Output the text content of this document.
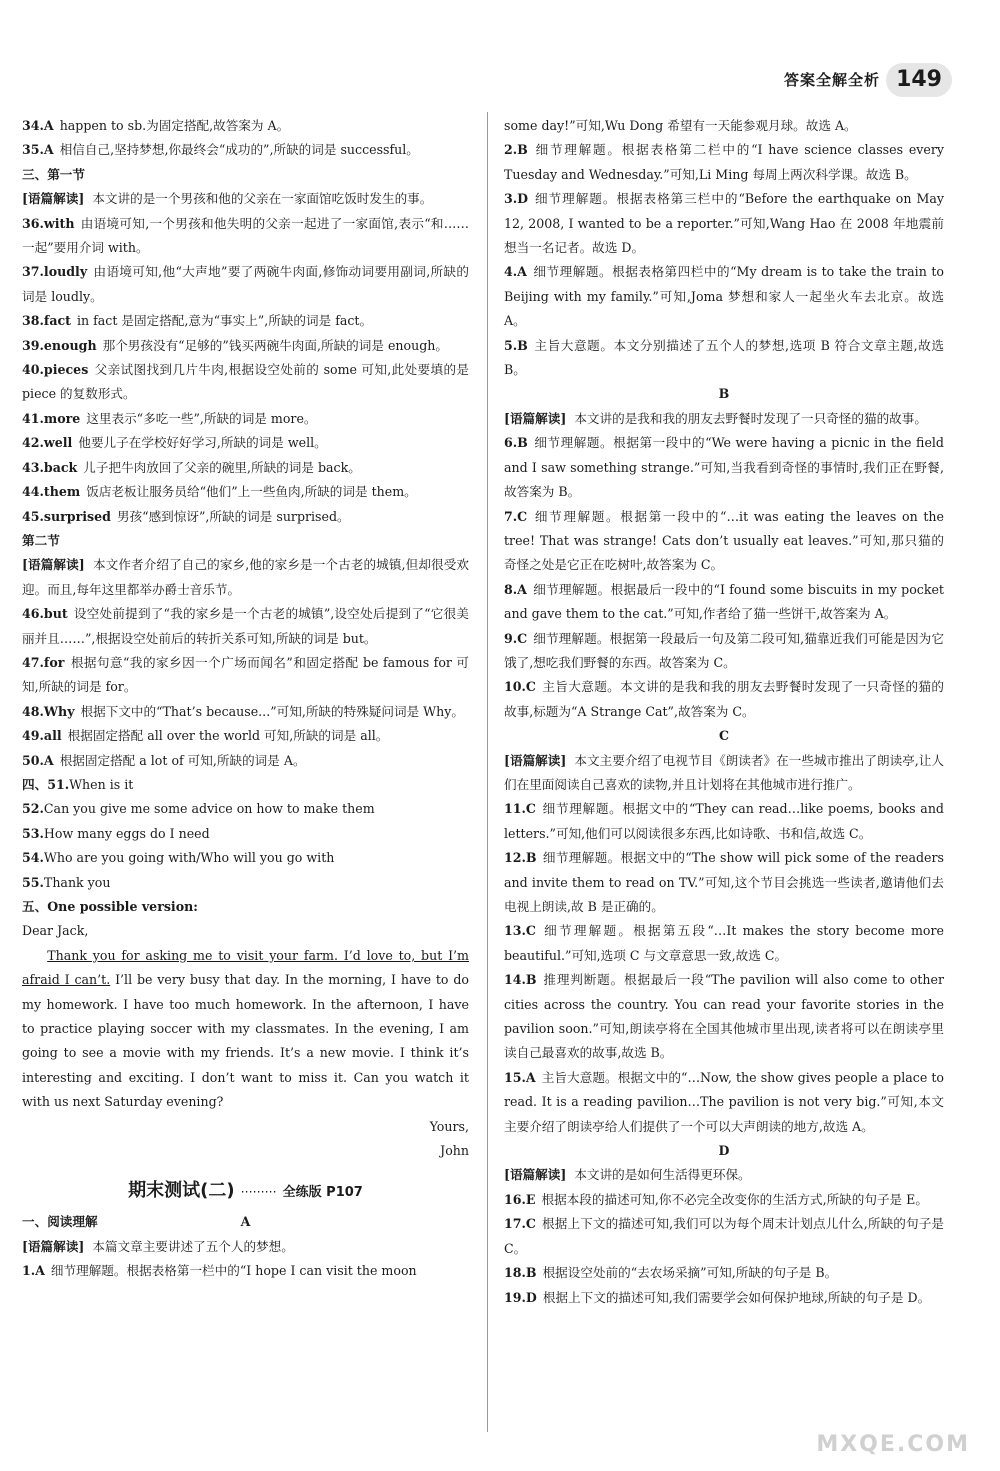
答案全解全析 149
34.A happen to sb.为固定搭配,故答案为 A。
35.A 相信自己,坚持梦想,你最终会“成功的”,所缺的词是 successful。
三、第一节
[语篇解读] 本文讲的是一个男孩和他的父亲在一家面馆吃饭时发生的事。
36.with 由语境可知,一个男孩和他失明的父亲一起进了一家面馆,表示“和……一起”要用介词 with。
37.loudly 由语境可知,他“大声地”要了两碗牛肉面,修饰动词要用副词,所缺的词是 loudly。
38.fact in fact 是固定搭配,意为“事实上”,所缺的词是 fact。
39.enough 那个男孩没有“足够的”钱买两碗牛肉面,所缺的词是 enough。
40.pieces 父亲试图找到几片牛肉,根据设空处前的 some 可知,此处要填的是 piece 的复数形式。
41.more 这里表示“多吃一些”,所缺的词是 more。
42.well 他要儿子在学校好好学习,所缺的词是 well。
43.back 儿子把牛肉放回了父亲的碗里,所缺的词是 back。
44.them 饭店老板让服务员给“他们”上一些鱼肉,所缺的词是 them。
45.surprised 男孩“感到惊讶”,所缺的词是 surprised。
第二节
[语篇解读] 本文作者介绍了自己的家乡,他的家乡是一个古老的城镇,但却很受欢迎。而且,每年这里都举办爵士音乐节。
46.but 设空处前提到了“我的家乡是一个古老的城镇”,设空处后提到了“它很美丽并且……”,根据设空处前后的转折关系可知,所缺的词是 but。
47.for 根据句意“我的家乡因一个广场而闻名”和固定搭配 be famous for 可知,所缺的词是 for。
48.Why 根据下文中的“That’s because...”可知,所缺的特殊疑问词是 Why。
49.all 根据固定搭配 all over the world 可知,所缺的词是 all。
50.A 根据固定搭配 a lot of 可知,所缺的词是 A。
四、51.When is it
52.Can you give me some advice on how to make them
53.How many eggs do I need
54.Who are you going with/Who will you go with
55.Thank you
五、One possible version:
Dear Jack,

Thank you for asking me to visit your farm. I’d love to, but I’m afraid I can’t. I’ll be very busy that day. In the morning, I have to do my homework. I have too much homework. In the afternoon, I have to practice playing soccer with my classmates. In the evening, I am going to see a movie with my friends. It’s a new movie. I think it’s interesting and exciting. I don’t want to miss it. Can you watch it with us next Saturday evening?

Yours,
John
期末测试(二) ········· 全练版 P107
一、阅读理解	A
[语篇解读] 本篇文章主要讲述了五个人的梦想。
1.A 细节理解题。根据表格第一栏中的“I hope I can visit the moon
some day!”可知,Wu Dong 希望有一天能参观月球。故选 A。
2.B 细节理解题。根据表格第二栏中的“I have science classes every Tuesday and Wednesday.”可知,Li Ming 每周上两次科学课。故选 B。
3.D 细节理解题。根据表格第三栏中的“Before the earthquake on May 12, 2008, I wanted to be a reporter.”可知,Wang Hao 在 2008 年地震前想当一名记者。故选 D。
4.A 细节理解题。根据表格第四栏中的“My dream is to take the train to Beijing with my family.”可知,Joma 梦想和家人一起坐火车去北京。故选 A。
5.B 主旨大意题。本文分别描述了五个人的梦想,选项 B 符合文章主题,故选 B。
B
[语篇解读] 本文讲的是我和我的朋友去野餐时发现了一只奇怪的猫的故事。
6.B 细节理解题。根据第一段中的“We were having a picnic in the field and I saw something strange.”可知,当我看到奇怪的事情时,我们正在野餐,故答案为 B。
7.C 细节理解题。根据第一段中的“…it was eating the leaves on the tree! That was strange! Cats don’t usually eat leaves.”可知,那只猫的奇怪之处是它正在吃树叶,故答案为 C。
8.A 细节理解题。根据最后一段中的“I found some biscuits in my pocket and gave them to the cat.”可知,作者给了猫一些饼干,故答案为 A。
9.C 细节理解题。根据第一段最后一句及第二段可知,猫靠近我们可能是因为它饿了,想吃我们野餐的东西。故答案为 C。
10.C 主旨大意题。本文讲的是我和我的朋友去野餐时发现了一只奇怪的猫的故事,标题为“A Strange Cat”,故答案为 C。
C
[语篇解读] 本文主要介绍了电视节目《朗读者》在一些城市推出了朗读亭,让人们在里面阅读自己喜欢的读物,并且计划将在其他城市进行推广。
11.C 细节理解题。根据文中的“They can read…like poems, books and letters.”可知,他们可以阅读很多东西,比如诗歌、书和信,故选 C。
12.B 细节理解题。根据文中的“The show will pick some of the readers and invite them to read on TV.”可知,这个节目会挑选一些读者,邀请他们去电视上朗读,故 B 是正确的。
13.C 细节理解题。根据第五段“…It makes the story become more beautiful.”可知,选项 C 与文章意思一致,故选 C。
14.B 推理判断题。根据最后一段“The pavilion will also come to other cities across the country. You can read your favorite stories in the pavilion soon.”可知,朗读亭将在全国其他城市里出现,读者将可以在朗读亭里读自己最喜欢的故事,故选 B。
15.A 主旨大意题。根据文中的“…Now, the show gives people a place to read. It is a reading pavilion…The pavilion is not very big.”可知,本文主要介绍了朗读亭给人们提供了一个可以大声朗读的地方,故选 A。
D
[语篇解读] 本文讲的是如何生活得更环保。
16.E 根据本段的描述可知,你不必完全改变你的生活方式,所缺的句子是 E。
17.C 根据上下文的描述可知,我们可以为每个周末计划点儿什么,所缺的句子是 C。
18.B 根据设空处前的“去农场采摘”可知,所缺的句子是 B。
19.D 根据上下文的描述可知,我们需要学会如何保护地球,所缺的句子是 D。
MXQE.COM
